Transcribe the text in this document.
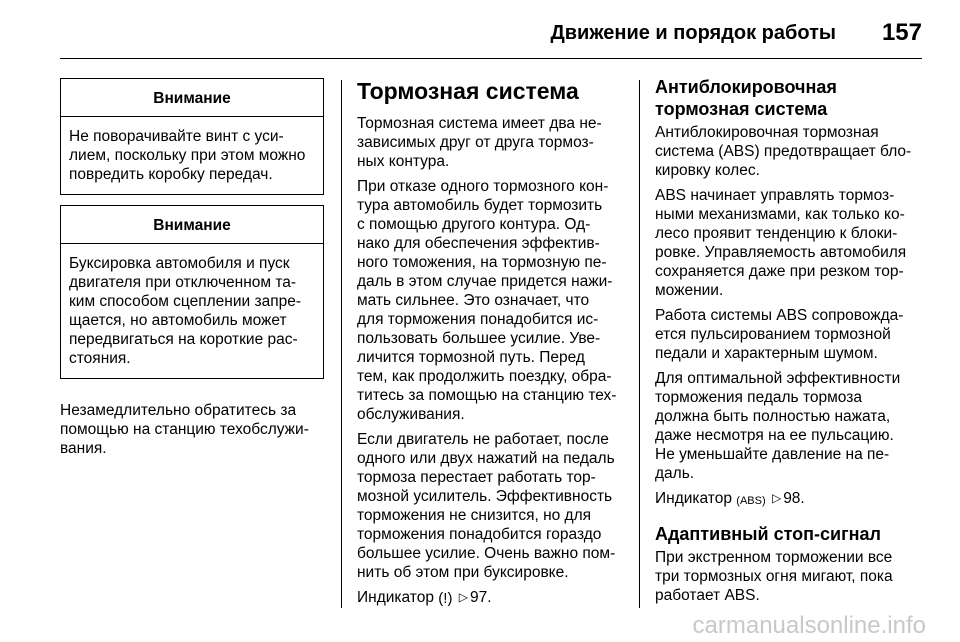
Движение и порядок работы 157
Внимание
Не поворачивайте винт с уси-
лием, поскольку при этом можно
повредить коробку передач.
Внимание
Буксировка автомобиля и пуск
двигателя при отключенном та-
ким способом сцеплении запре-
щается, но автомобиль может
передвигаться на короткие рас-
стояния.
Незамедлительно обратитесь за
помощью на станцию техобслужи-
вания.
Тормозная система

Тормозная система имеет два не-
зависимых друг от друга тормоз-
ных контура.

При отказе одного тормозного кон-
тура автомобиль будет тормозить
с помощью другого контура. Од-
нако для обеспечения эффектив-
ного томожения, на тормозную пе-
даль в этом случае придется нажи-
мать сильнее. Это означает, что
для торможения понадобится ис-
пользовать большее усилие. Уве-
личится тормозной путь. Перед
тем, как продолжить поездку, обра-
титесь за помощью на станцию тех-
обслуживания.

Если двигатель не работает, после
одного или двух нажатий на педаль
тормоза перестает работать тор-
мозной усилитель. Эффективность
торможения не снизится, но для
торможения понадобится гораздо
большее усилие. Очень важно пом-
нить об этом при буксировке.

Индикатор (!) ▷ 97.

Антиблокировочная
тормозная система

Антиблокировочная тормозная
система (ABS) предотвращает бло-
кировку колес.

ABS начинает управлять тормоз-
ными механизмами, как только ко-
лесо проявит тенденцию к блоки-
ровке. Управляемость автомобиля
сохраняется даже при резком тор-
можении.

Работа системы ABS сопровожда-
ется пульсированием тормозной
педали и характерным шумом.

Для оптимальной эффективности
торможения педаль тормоза
должна быть полностью нажата,
даже несмотря на ее пульсацию.
Не уменьшайте давление на пе-
даль.

Индикатор (ABS) ▷ 98.

Адаптивный стоп-сигнал

При экстренном торможении все
три тормозных огня мигают, пока
работает ABS.

carmanualsonline.info
